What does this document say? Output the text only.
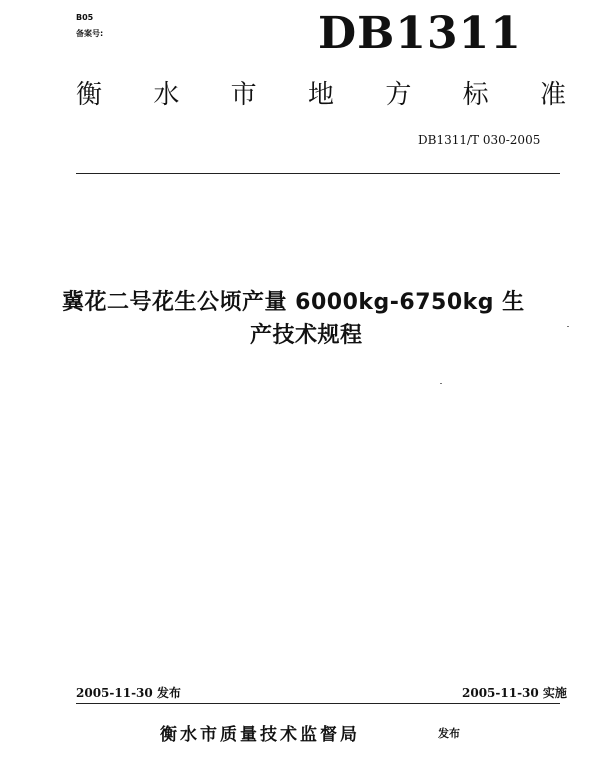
B05
备案号:	DB1311
衡 水 市 地 方 标 准
DB1311/T 030-2005
冀花二号花生公顷产量 6000kg-6750kg 生
产技术规程
2005-11-30 发布	2005-11-30 实施
衡水市质量技术监督局	发布
